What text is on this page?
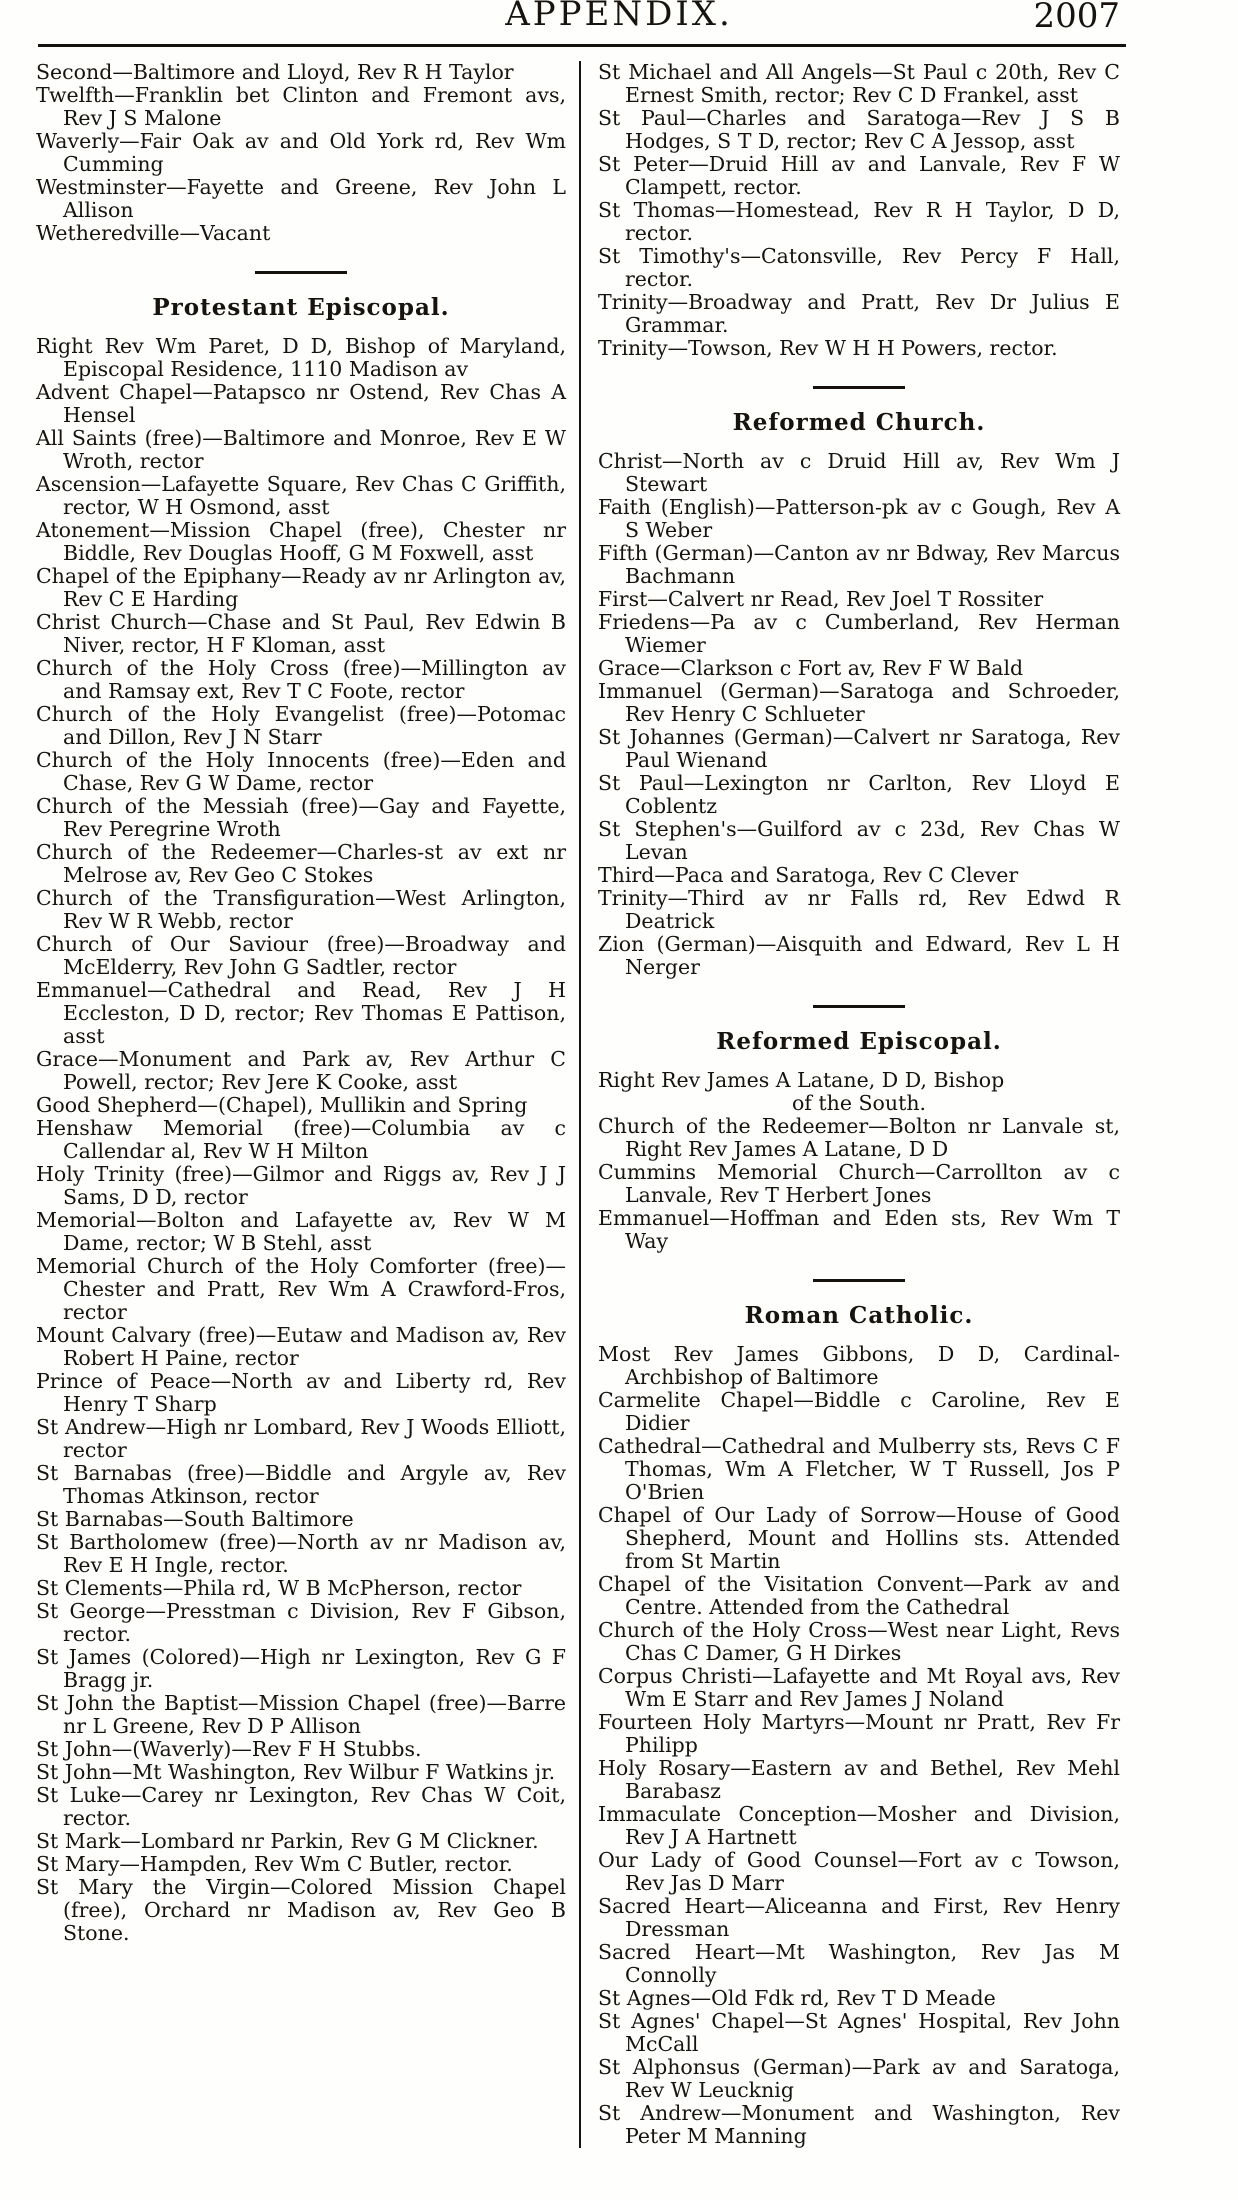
APPENDIX.	2007

Second—Baltimore and Lloyd, Rev R H Taylor

Twelfth—Franklin bet Clinton and Fremont avs, Rev J S Malone

Waverly—Fair Oak av and Old York rd, Rev Wm Cumming

Westminster—Fayette and Greene, Rev John L Allison

Wetheredville—Vacant

Protestant Episcopal.

Right Rev Wm Paret, D D, Bishop of Maryland, Episcopal Residence, 1110 Madison av

Advent Chapel—Patapsco nr Ostend, Rev Chas A Hensel

All Saints (free)—Baltimore and Monroe, Rev E W Wroth, rector

Ascension—Lafayette Square, Rev Chas C Griffith, rector, W H Osmond, asst

Atonement—Mission Chapel (free), Chester nr Biddle, Rev Douglas Hooff, G M Foxwell, asst

Chapel of the Epiphany—Ready av nr Arlington av, Rev C E Harding

Christ Church—Chase and St Paul, Rev Edwin B Niver, rector, H F Kloman, asst

Church of the Holy Cross (free)—Millington av and Ramsay ext, Rev T C Foote, rector

Church of the Holy Evangelist (free)—Potomac and Dillon, Rev J N Starr

Church of the Holy Innocents (free)—Eden and Chase, Rev G W Dame, rector

Church of the Messiah (free)—Gay and Fayette, Rev Peregrine Wroth

Church of the Redeemer—Charles-st av ext nr Melrose av, Rev Geo C Stokes

Church of the Transfiguration—West Arlington, Rev W R Webb, rector

Church of Our Saviour (free)—Broadway and McElderry, Rev John G Sadtler, rector

Emmanuel—Cathedral and Read, Rev J H Eccleston, D D, rector; Rev Thomas E Pattison, asst

Grace—Monument and Park av, Rev Arthur C Powell, rector; Rev Jere K Cooke, asst

Good Shepherd—(Chapel), Mullikin and Spring

Henshaw Memorial (free)—Columbia av c Callendar al, Rev W H Milton

Holy Trinity (free)—Gilmor and Riggs av, Rev J J Sams, D D, rector

Memorial—Bolton and Lafayette av, Rev W M Dame, rector; W B Stehl, asst

Memorial Church of the Holy Comforter (free)—Chester and Pratt, Rev Wm A Crawford-Fros, rector

Mount Calvary (free)—Eutaw and Madison av, Rev Robert H Paine, rector

Prince of Peace—North av and Liberty rd, Rev Henry T Sharp

St Andrew—High nr Lombard, Rev J Woods Elliott, rector

St Barnabas (free)—Biddle and Argyle av, Rev Thomas Atkinson, rector

St Barnabas—South Baltimore

St Bartholomew (free)—North av nr Madison av, Rev E H Ingle, rector.

St Clements—Phila rd, W B McPherson, rector

St George—Presstman c Division, Rev F Gibson, rector.

St James (Colored)—High nr Lexington, Rev G F Bragg jr.

St John the Baptist—Mission Chapel (free)—Barre nr L Greene, Rev D P Allison

St John—(Waverly)—Rev F H Stubbs.

St John—Mt Washington, Rev Wilbur F Watkins jr.

St Luke—Carey nr Lexington, Rev Chas W Coit, rector.

St Mark—Lombard nr Parkin, Rev G M Clickner.

St Mary—Hampden, Rev Wm C Butler, rector.

St Mary the Virgin—Colored Mission Chapel (free), Orchard nr Madison av, Rev Geo B Stone.

St Michael and All Angels—St Paul c 20th, Rev C Ernest Smith, rector; Rev C D Frankel, asst

St Paul—Charles and Saratoga—Rev J S B Hodges, S T D, rector; Rev C A Jessop, asst

St Peter—Druid Hill av and Lanvale, Rev F W Clampett, rector.

St Thomas—Homestead, Rev R H Taylor, D D, rector.

St Timothy's—Catonsville, Rev Percy F Hall, rector.

Trinity—Broadway and Pratt, Rev Dr Julius E Grammar.

Trinity—Towson, Rev W H H Powers, rector.

Reformed Church.

Christ—North av c Druid Hill av, Rev Wm J Stewart

Faith (English)—Patterson-pk av c Gough, Rev A S Weber

Fifth (German)—Canton av nr Bdway, Rev Marcus Bachmann

First—Calvert nr Read, Rev Joel T Rossiter

Friedens—Pa av c Cumberland, Rev Herman Wiemer

Grace—Clarkson c Fort av, Rev F W Bald

Immanuel (German)—Saratoga and Schroeder, Rev Henry C Schlueter

St Johannes (German)—Calvert nr Saratoga, Rev Paul Wienand

St Paul—Lexington nr Carlton, Rev Lloyd E Coblentz

St Stephen's—Guilford av c 23d, Rev Chas W Levan

Third—Paca and Saratoga, Rev C Clever

Trinity—Third av nr Falls rd, Rev Edwd R Deatrick

Zion (German)—Aisquith and Edward, Rev L H Nerger

Reformed Episcopal.

Right Rev James A Latane, D D, Bishop
of the South.

Church of the Redeemer—Bolton nr Lanvale st, Right Rev James A Latane, D D

Cummins Memorial Church—Carrollton av c Lanvale, Rev T Herbert Jones

Emmanuel—Hoffman and Eden sts, Rev Wm T Way

Roman Catholic.

Most Rev James Gibbons, D D, Cardinal-Archbishop of Baltimore

Carmelite Chapel—Biddle c Caroline, Rev E Didier

Cathedral—Cathedral and Mulberry sts, Revs C F Thomas, Wm A Fletcher, W T Russell, Jos P O'Brien

Chapel of Our Lady of Sorrow—House of Good Shepherd, Mount and Hollins sts. Attended from St Martin

Chapel of the Visitation Convent—Park av and Centre. Attended from the Cathedral

Church of the Holy Cross—West near Light, Revs Chas C Damer, G H Dirkes

Corpus Christi—Lafayette and Mt Royal avs, Rev Wm E Starr and Rev James J Noland

Fourteen Holy Martyrs—Mount nr Pratt, Rev Fr Philipp

Holy Rosary—Eastern av and Bethel, Rev Mehl Barabasz

Immaculate Conception—Mosher and Division, Rev J A Hartnett

Our Lady of Good Counsel—Fort av c Towson, Rev Jas D Marr

Sacred Heart—Aliceanna and First, Rev Henry Dressman

Sacred Heart—Mt Washington, Rev Jas M Connolly

St Agnes—Old Fdk rd, Rev T D Meade

St Agnes' Chapel—St Agnes' Hospital, Rev John McCall

St Alphonsus (German)—Park av and Saratoga, Rev W Leucknig

St Andrew—Monument and Washington, Rev Peter M Manning
